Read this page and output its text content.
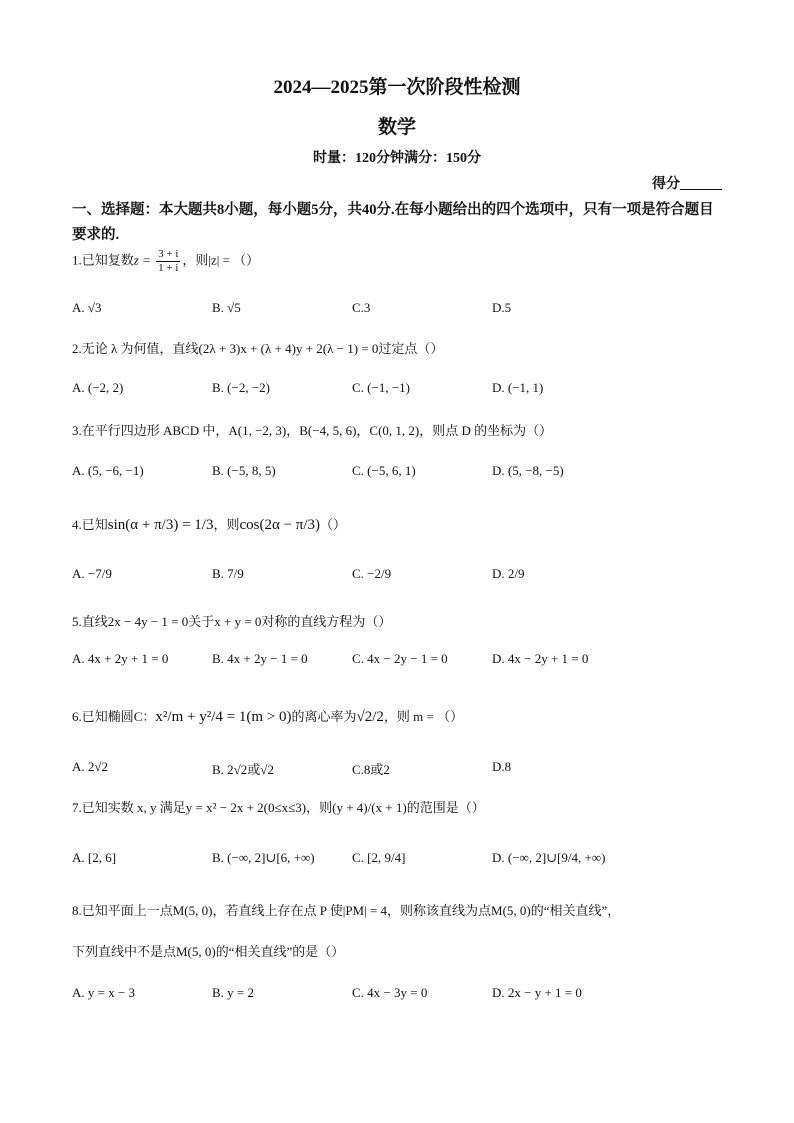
2024—2025第一次阶段性检测
数学
时量：120分钟满分：150分
得分______
一、选择题：本大题共8小题，每小题5分，共40分.在每小题给出的四个选项中，只有一项是符合题目要求的.
1.已知复数$z = \frac{3 + i}{1 + i}$ ，则|z| = （）
A. √3	B. √5	C.3	D.5
2.无论 λ 为何值，直线(2λ + 3)x + (λ + 4)y + 2(λ − 1) = 0过定点（）
A. (−2, 2)	B. (−2, −2)	C. (−1, −1)	D. (−1, 1)
3.在平行四边形 ABCD 中，A(1, −2, 3)，B(−4, 5, 6)，C(0, 1, 2)，则点 D 的坐标为（）
A. (5, −6, −1)	B. (−5, 8, 5)	C. (−5, 6, 1)	D. (5, −8, −5)
4.已知sin(α + π/3) = 1/3，则cos(2α − π/3)（）
A. −7/9	B. 7/9	C. −2/9	D. 2/9
5.直线2x − 4y − 1 = 0关于x + y = 0对称的直线方程为（）
A. 4x + 2y + 1 = 0	B. 4x + 2y − 1 = 0	C. 4x − 2y − 1 = 0	D. 4x − 2y + 1 = 0
6.已知椭圆C：x²/m + y²/4 = 1(m > 0)的离心率为√2/2，则 m = （）
A. 2√2	B. 2√2或√2	C.8或2	D.8
7.已知实数 x, y 满足y = x² − 2x + 2(0≤x≤3)，则(y + 4)/(x + 1)的范围是（）
A. [2, 6]	B. (−∞, 2]∪[6, +∞)	C. [2, 9/4]	D. (−∞, 2]∪[9/4, +∞)
8.已知平面上一点M(5, 0)，若直线上存在点 P 使|PM| = 4，则称该直线为点M(5, 0)的“相关直线”，
下列直线中不是点M(5, 0)的“相关直线”的是（）
A. y = x − 3	B. y = 2	C. 4x − 3y = 0	D. 2x − y + 1 = 0
